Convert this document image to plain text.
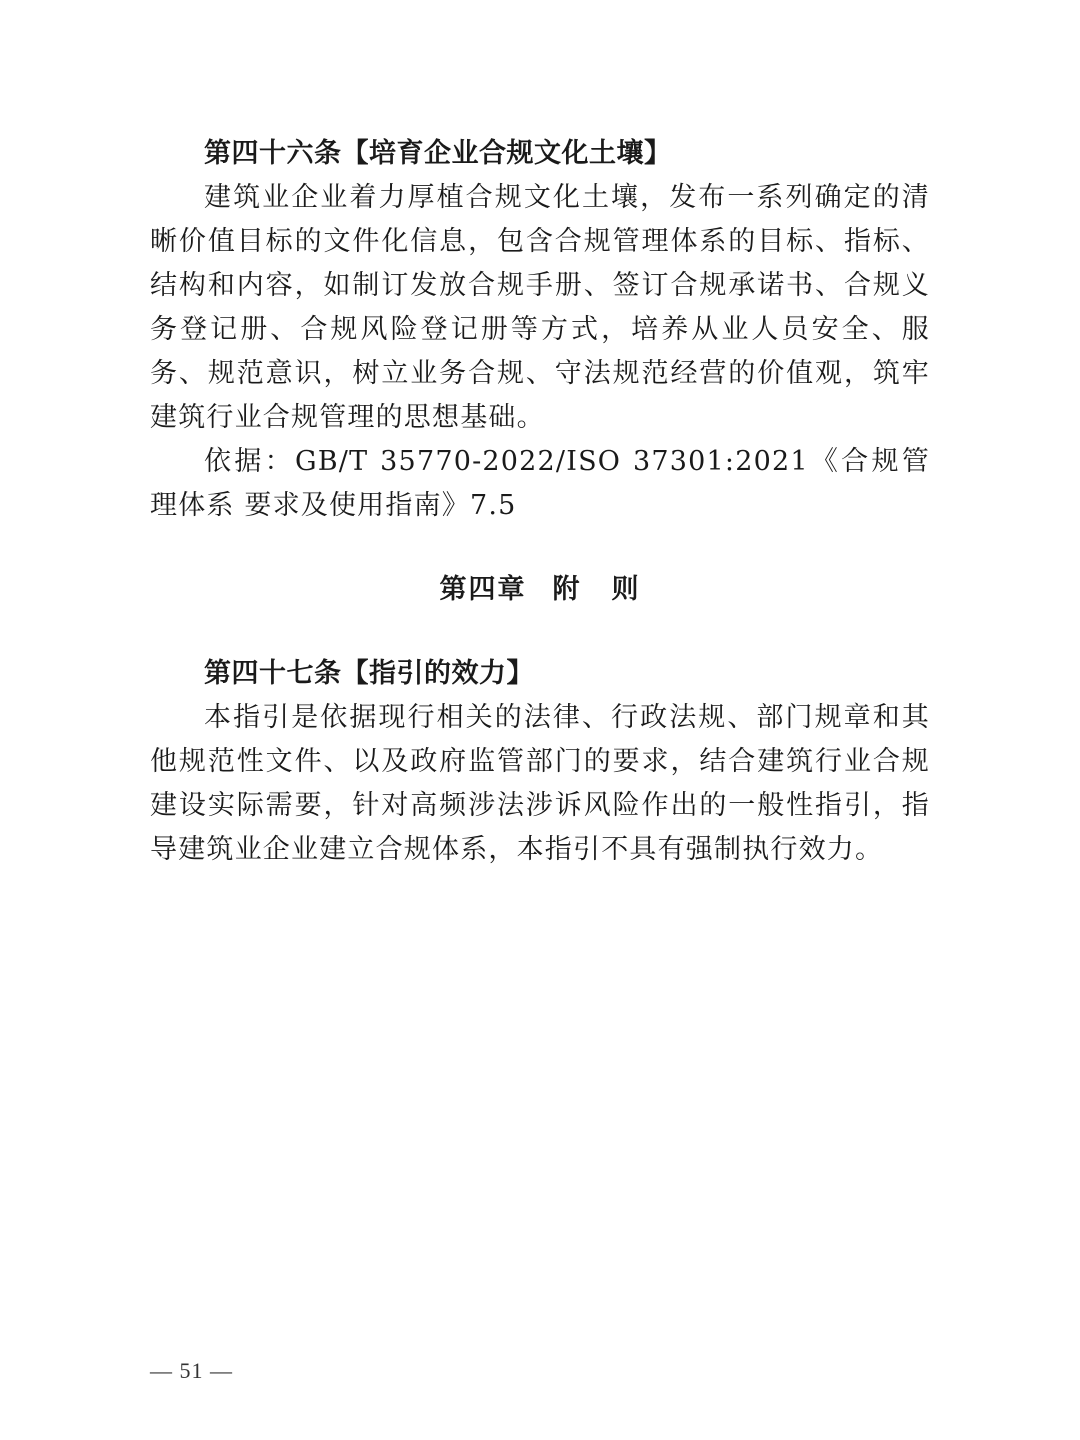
第四十六条【培育企业合规文化土壤】

建筑业企业着力厚植合规文化土壤，发布一系列确定的清晰价值目标的文件化信息，包含合规管理体系的目标、指标、结构和内容，如制订发放合规手册、签订合规承诺书、合规义务登记册、合规风险登记册等方式，培养从业人员安全、服务、规范意识，树立业务合规、守法规范经营的价值观，筑牢建筑行业合规管理的思想基础。

依据：GB/T 35770-2022/ISO 37301:2021《合规管理体系 要求及使用指南》7.5

第四章 附 则

第四十七条【指引的效力】

本指引是依据现行相关的法律、行政法规、部门规章和其他规范性文件、以及政府监管部门的要求，结合建筑行业合规建设实际需要，针对高频涉法涉诉风险作出的一般性指引，指导建筑业企业建立合规体系，本指引不具有强制执行效力。

— 51 —
